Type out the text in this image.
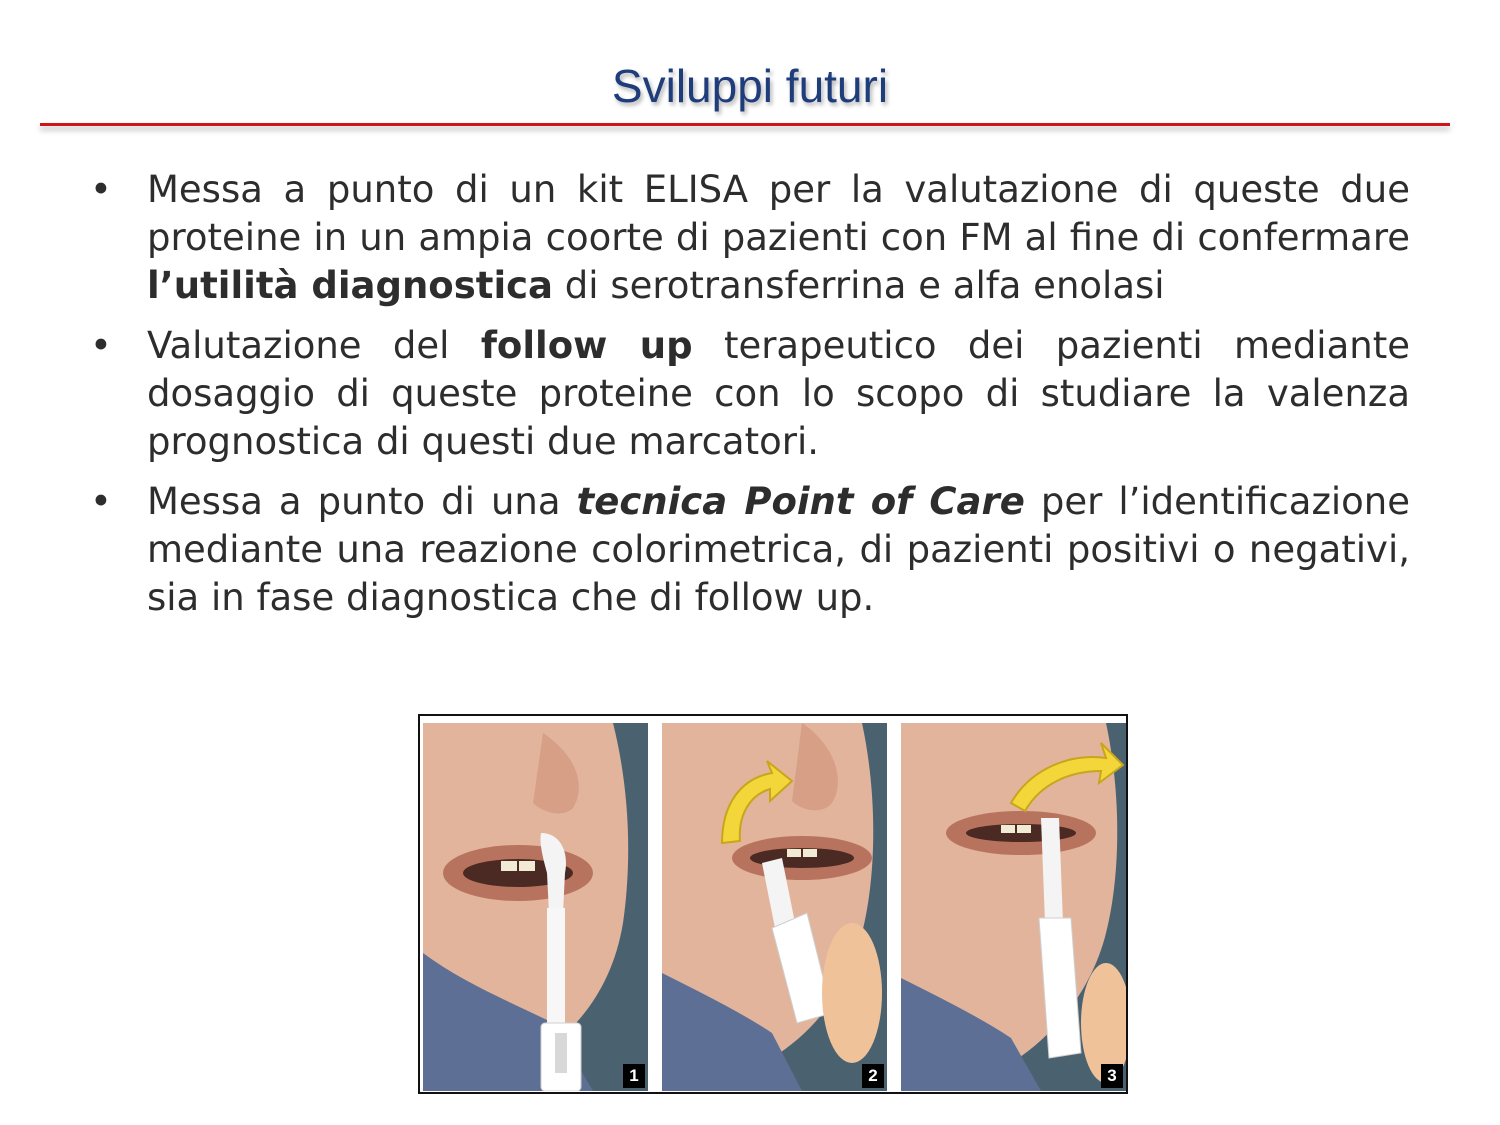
Sviluppi futuri
• Messa a punto di un kit ELISA per la valutazione di queste due proteine in un ampia coorte di pazienti con FM al fine di confermare l’utilità diagnostica di serotransferrina e alfa enolasi
• Valutazione del follow up terapeutico dei pazienti mediante dosaggio di queste proteine con lo scopo di studiare la valenza prognostica di questi due marcatori.
• Messa a punto di una tecnica Point of Care per l’identificazione mediante una reazione colorimetrica, di pazienti positivi o negativi, sia in fase diagnostica che di follow up.
1	2	3
